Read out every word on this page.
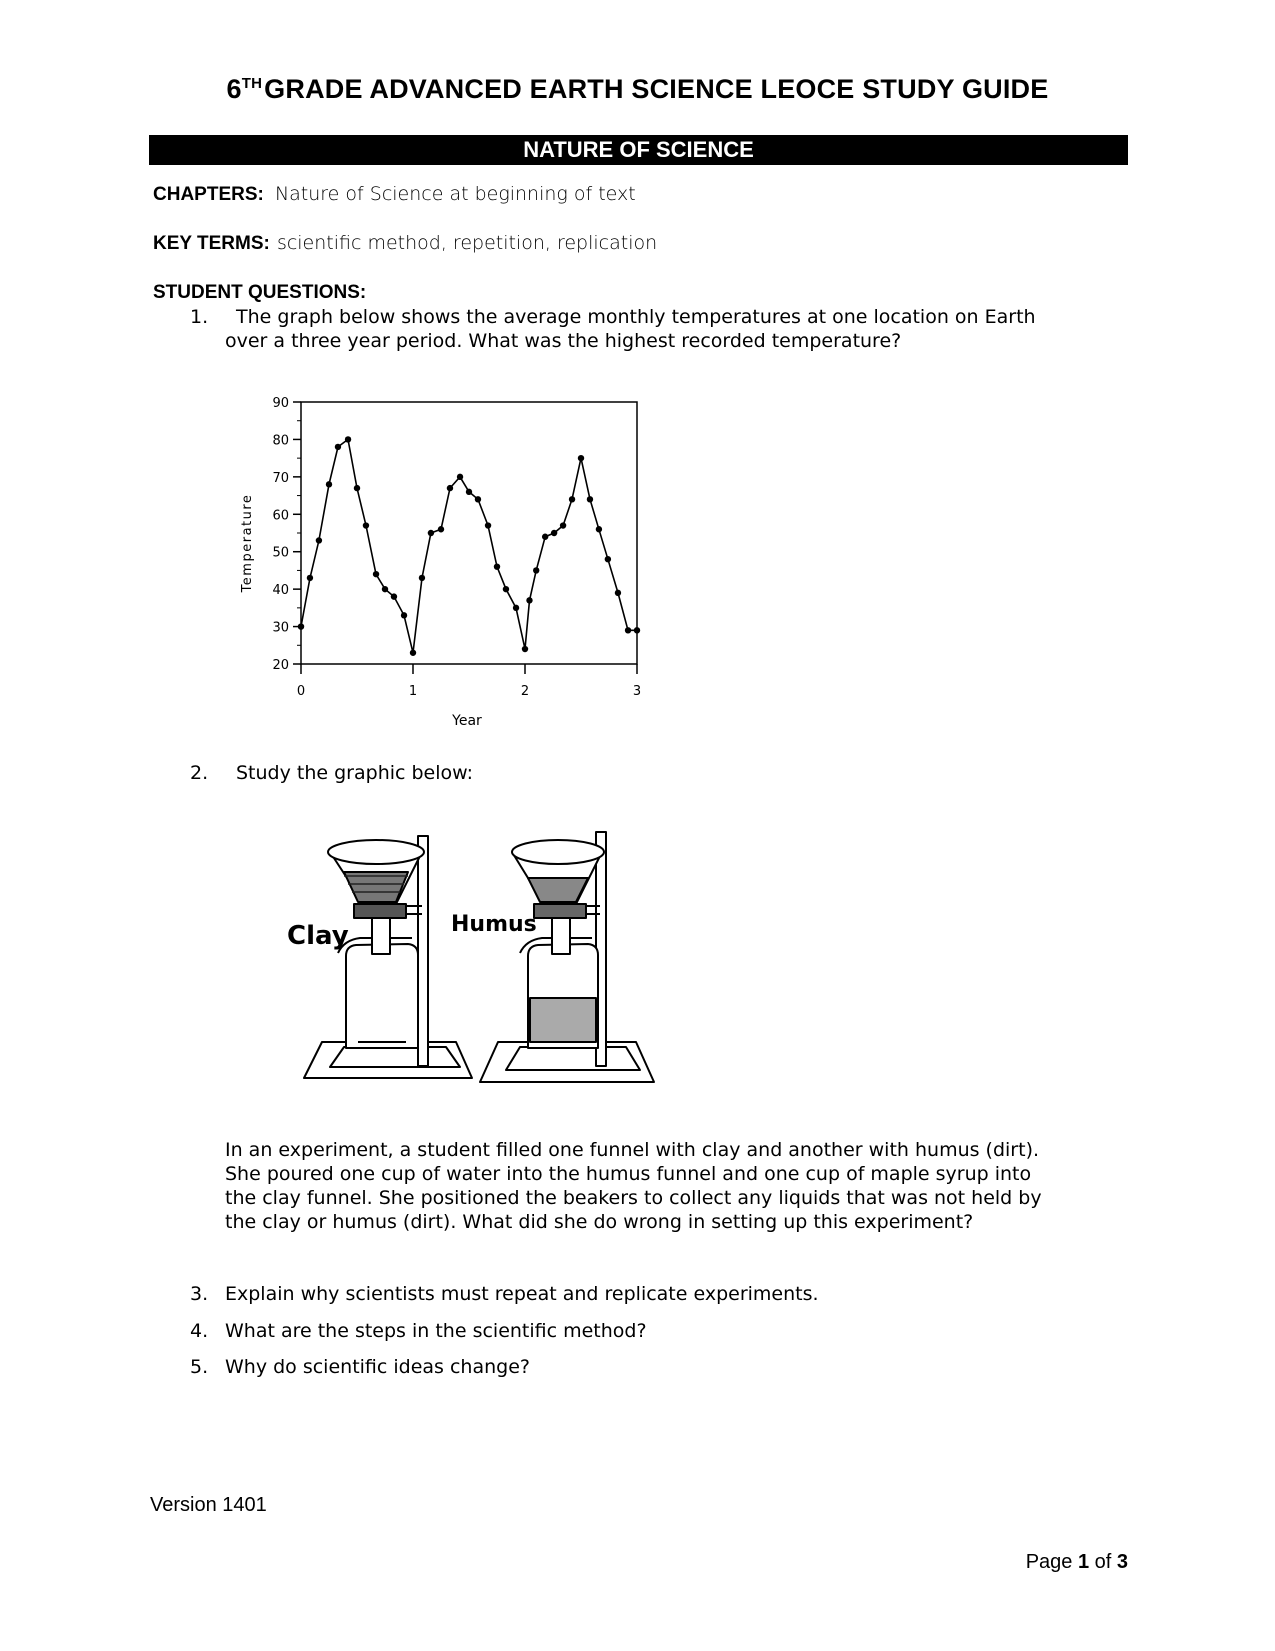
6THGRADE ADVANCED EARTH SCIENCE LEOCE STUDY GUIDE
NATURE OF SCIENCE
CHAPTERS: Nature of Science at beginning of text
KEY TERMS: scientific method, repetition, replication
STUDENT QUESTIONS:
1. The graph below shows the average monthly temperatures at one location on Earth
over a three year period. What was the highest recorded temperature?
20
30
40
50
60
70
80
90
0	1	2	3
Year
Temperature
2. Study the graphic below:
Clay	Humus
In an experiment, a student filled one funnel with clay and another with humus (dirt).
She poured one cup of water into the humus funnel and one cup of maple syrup into
the clay funnel. She positioned the beakers to collect any liquids that was not held by
the clay or humus (dirt). What did she do wrong in setting up this experiment?
3. Explain why scientists must repeat and replicate experiments.
4. What are the steps in the scientific method?
5. Why do scientific ideas change?
Version 1401
Page 1 of 3
